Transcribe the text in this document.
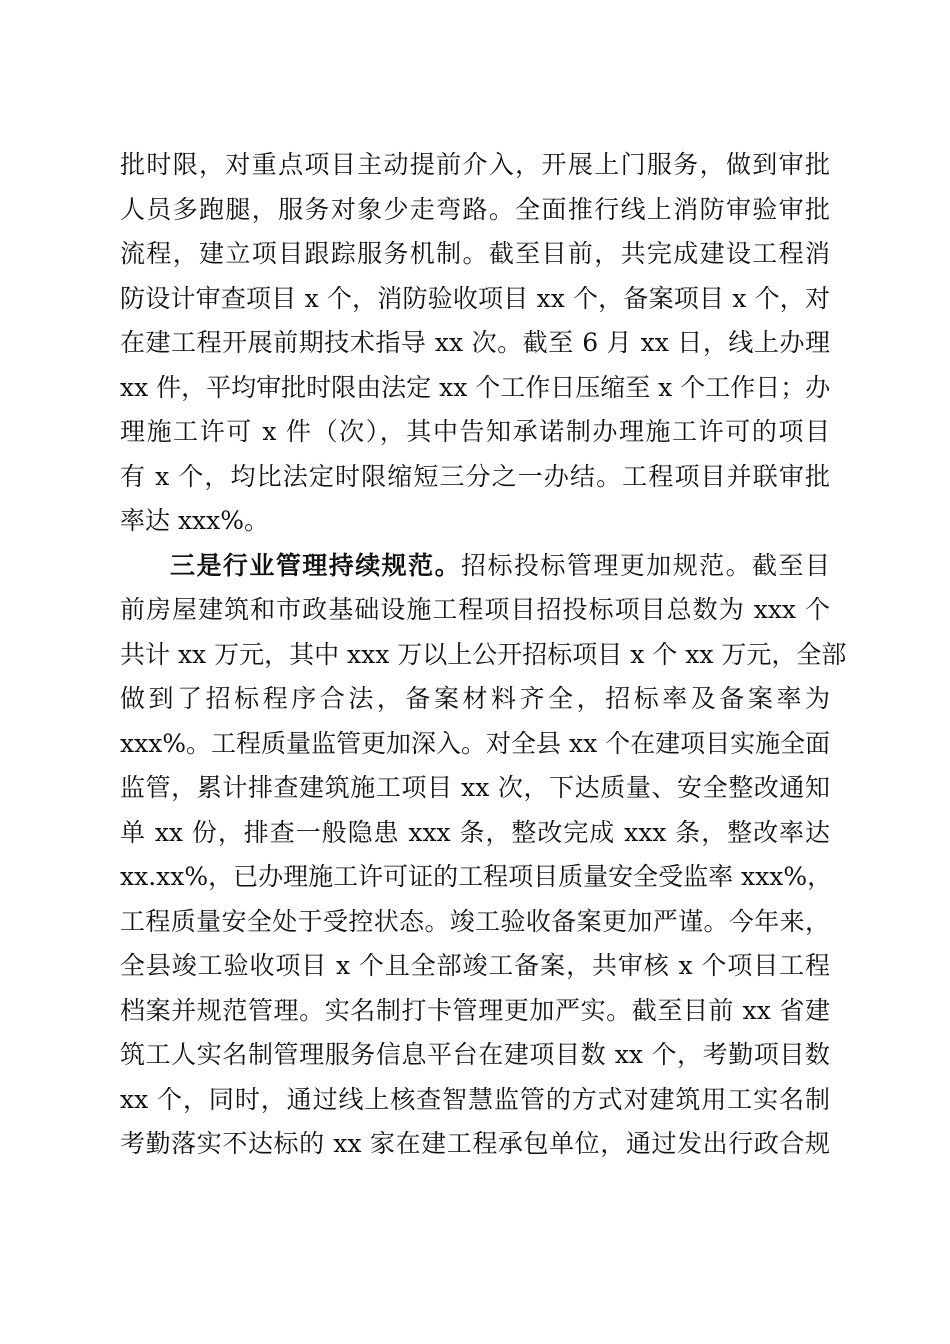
批时限，对重点项目主动提前介入，开展上门服务，做到审批
人员多跑腿，服务对象少走弯路。全面推行线上消防审验审批
流程，建立项目跟踪服务机制。截至目前，共完成建设工程消
防设计审查项目 x 个，消防验收项目 xx 个，备案项目 x 个，对
在建工程开展前期技术指导 xx 次。截至 6 月 xx 日，线上办理
xx 件，平均审批时限由法定 xx 个工作日压缩至 x 个工作日；办
理施工许可 x 件（次），其中告知承诺制办理施工许可的项目
有 x 个，均比法定时限缩短三分之一办结。工程项目并联审批
率达 xxx%。
三是行业管理持续规范。招标投标管理更加规范。截至目
前房屋建筑和市政基础设施工程项目招投标项目总数为 xxx 个
共计 xx 万元，其中 xxx 万以上公开招标项目 x 个 xx 万元，全部
做到了招标程序合法，备案材料齐全，招标率及备案率为
xxx%。工程质量监管更加深入。对全县 xx 个在建项目实施全面
监管，累计排查建筑施工项目 xx 次，下达质量、安全整改通知
单 xx 份，排查一般隐患 xxx 条，整改完成 xxx 条，整改率达
xx.xx%，已办理施工许可证的工程项目质量安全受监率 xxx%，
工程质量安全处于受控状态。竣工验收备案更加严谨。今年来，
全县竣工验收项目 x 个且全部竣工备案，共审核 x 个项目工程
档案并规范管理。实名制打卡管理更加严实。截至目前 xx 省建
筑工人实名制管理服务信息平台在建项目数 xx 个，考勤项目数
xx 个，同时，通过线上核查智慧监管的方式对建筑用工实名制
考勤落实不达标的 xx 家在建工程承包单位，通过发出行政合规
